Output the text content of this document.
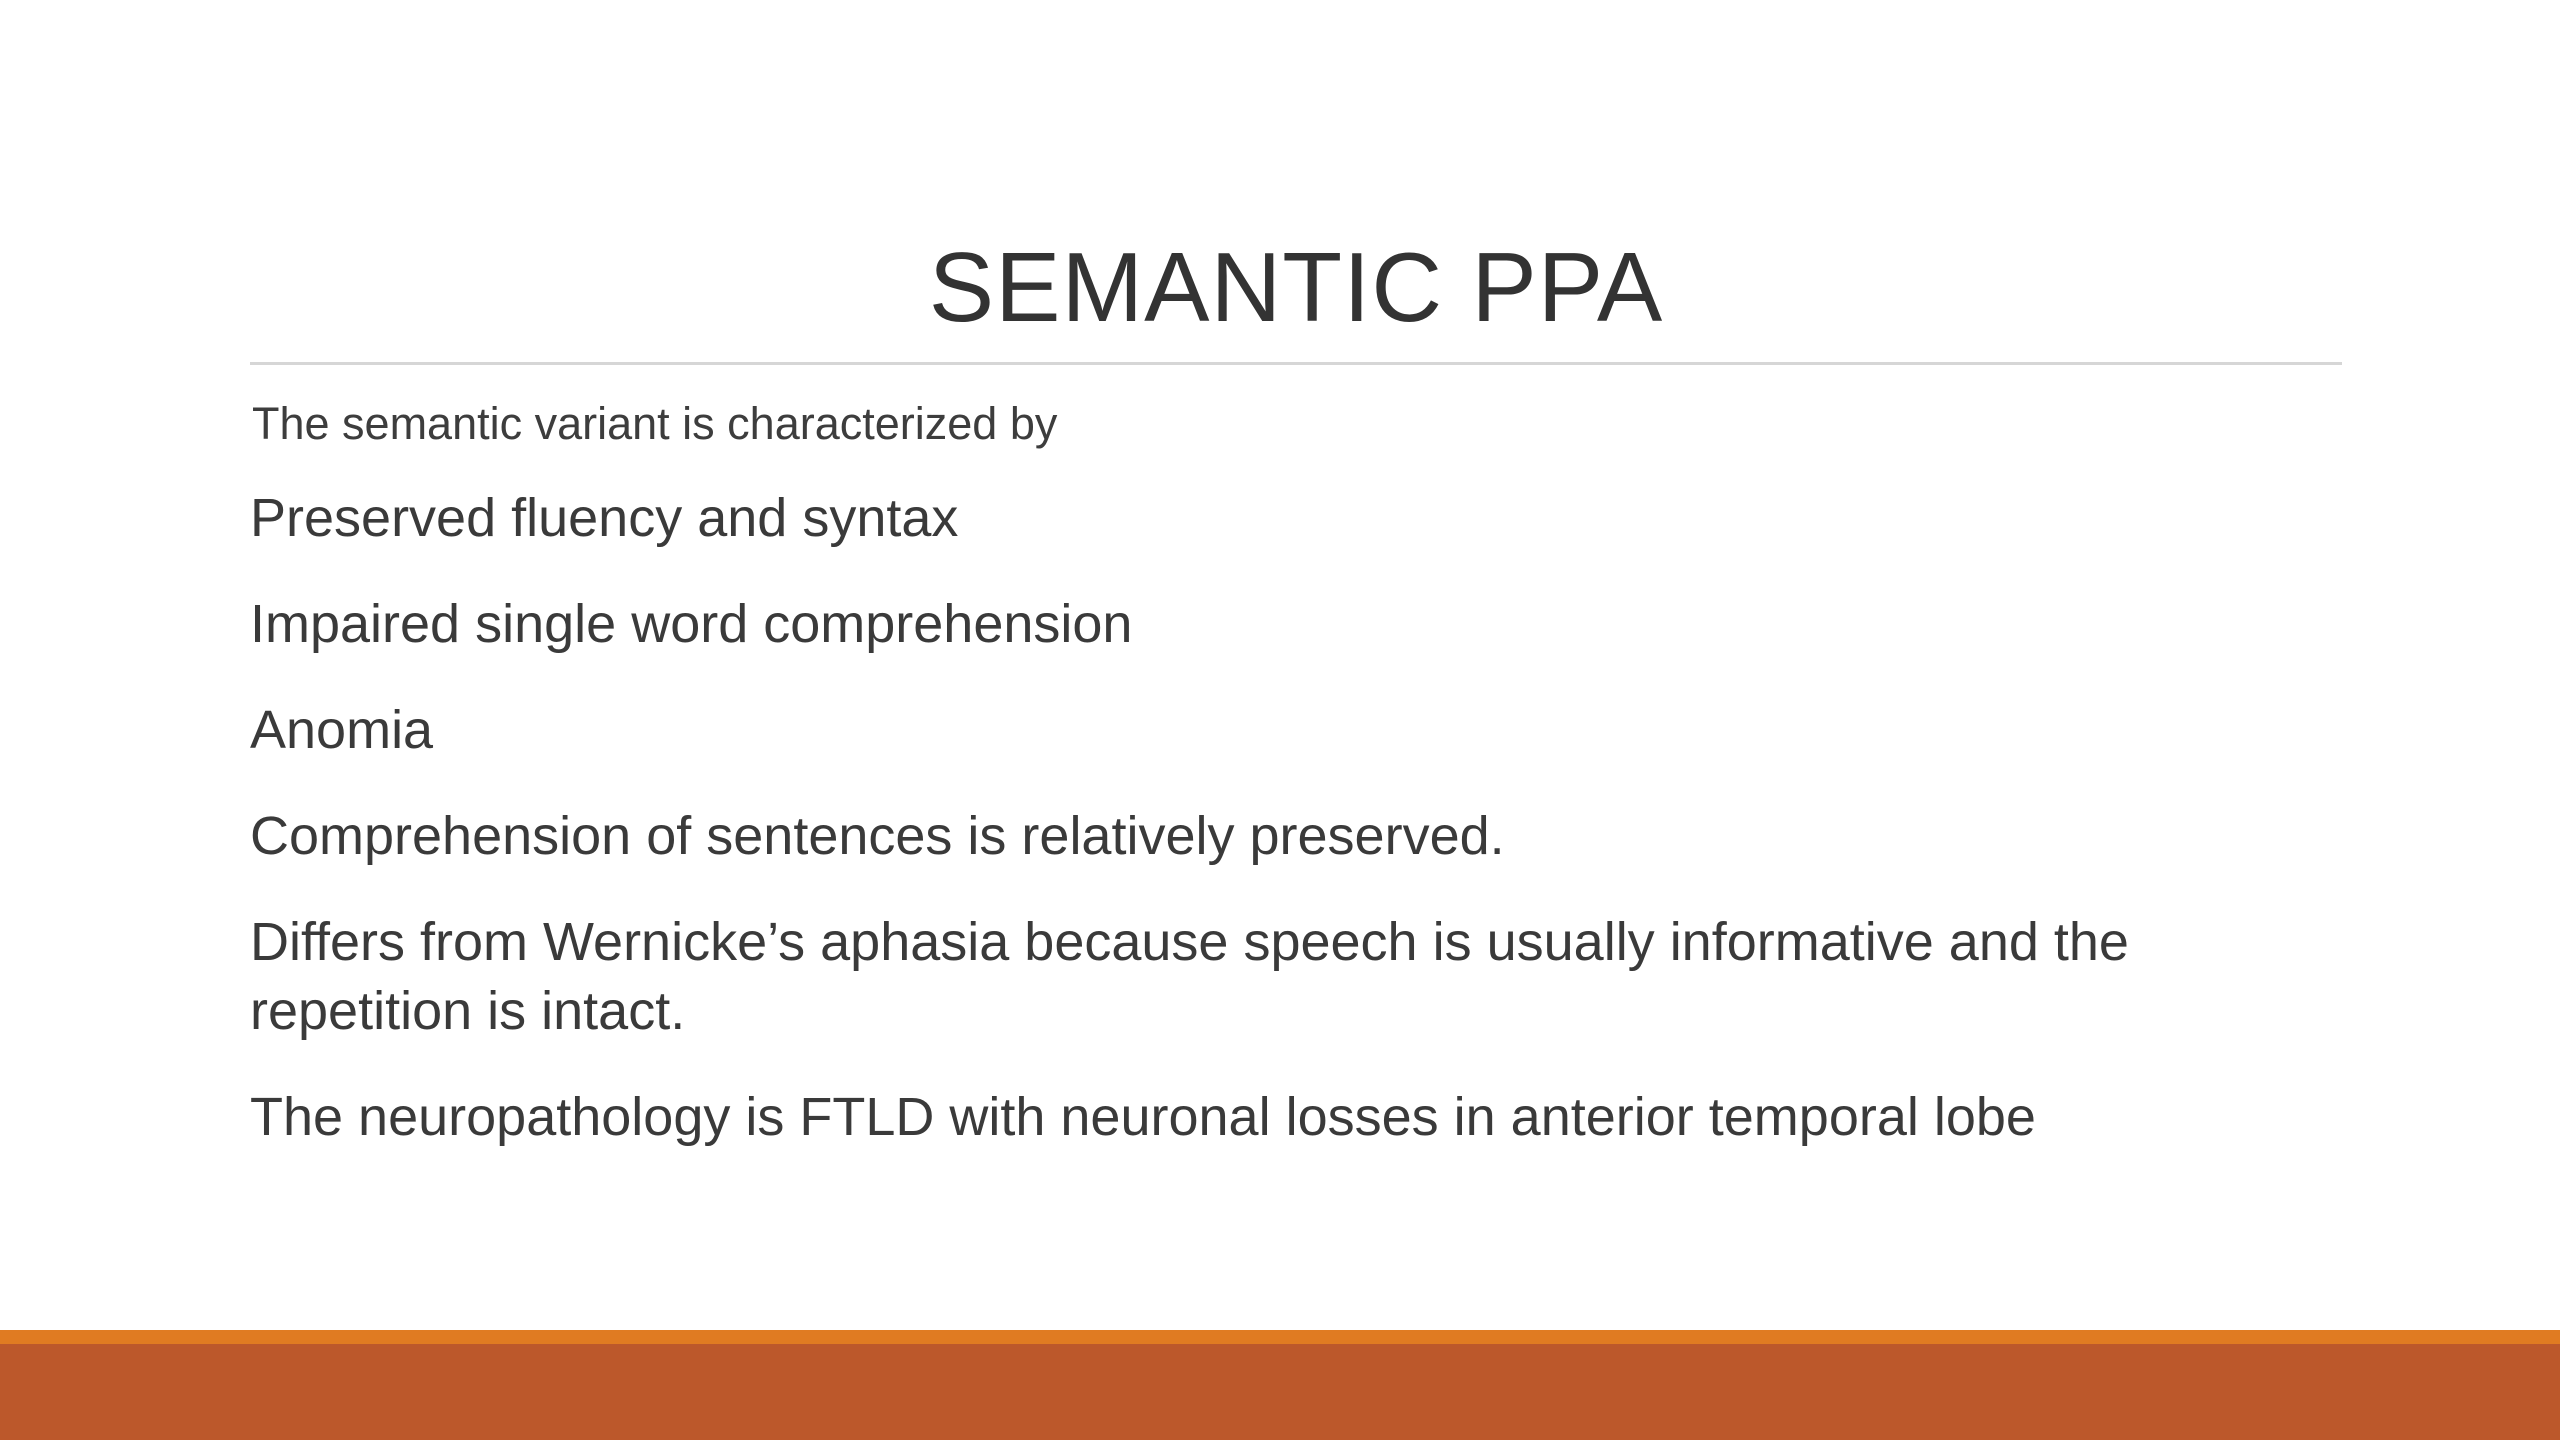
SEMANTIC PPA
The semantic variant is characterized by
Preserved fluency and syntax
Impaired single word comprehension
Anomia
Comprehension of sentences is relatively preserved.
Differs from Wernicke’s aphasia because speech is usually informative and the repetition is intact.
The neuropathology is FTLD with neuronal losses in anterior temporal lobe
